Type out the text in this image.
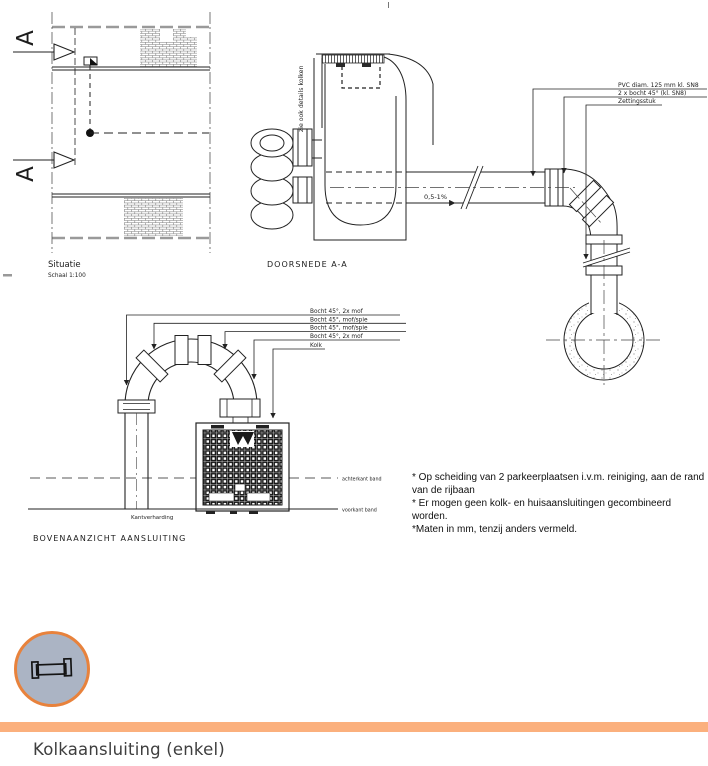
A
A
Situatie
Schaal 1:100
0,5-1%
zie ook details kolken
DOORSNEDE A-A
PVC diam. 125 mm kl. SN8
2 x bocht 45° (kl. SN8)
Zettingsstuk
achterkant band
voorkant band
Kantverharding
BOVENAANZICHT AANSLUITING
Bocht 45°, 2x mof
Bocht 45°, mof/spie
Bocht 45°, mof/spie
Bocht 45°, 2x mof
Kolk

* Op scheiding van 2 parkeerplaatsen i.v.m. reiniging, aan de rand van de rijbaan

* Er mogen geen kolk- en huisaansluitingen gecombineerd worden.

*Maten in mm, tenzij anders vermeld.

Kolkaansluiting (enkel)
